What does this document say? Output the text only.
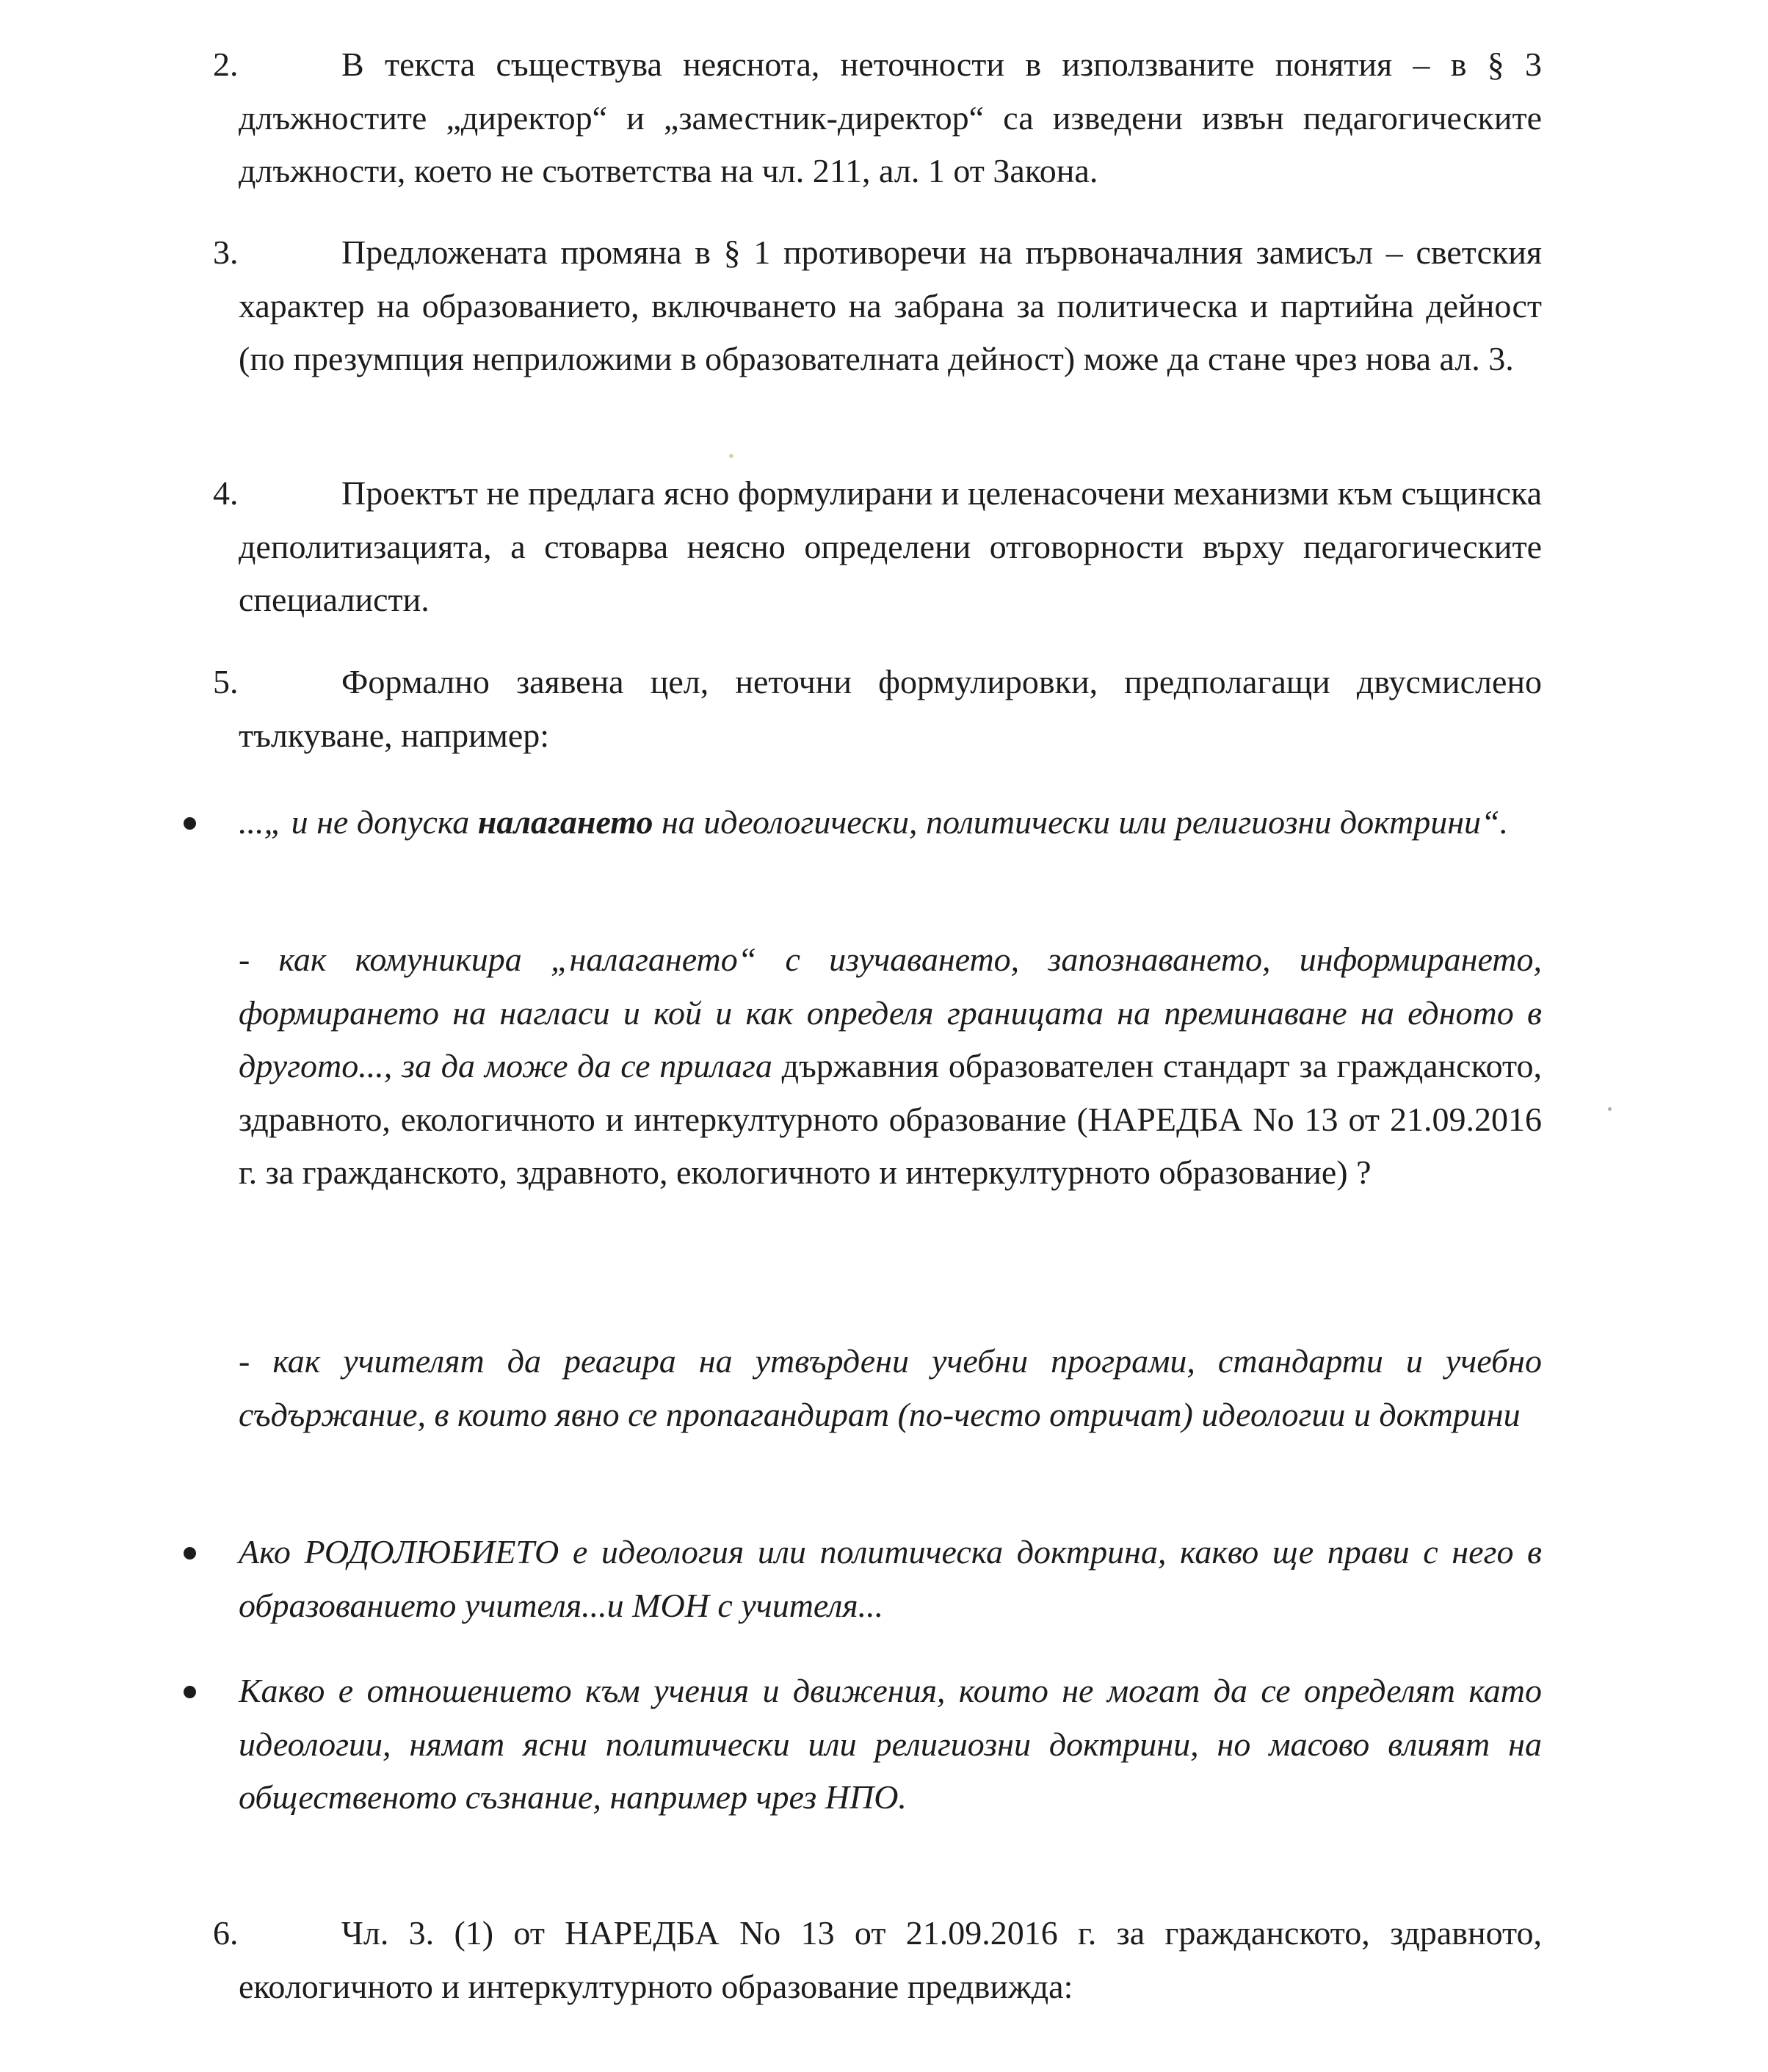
2.	В текста съществува неяснота, неточности в използваните понятия – в § 3 длъжностите „директор“ и „заместник-директор“ са изведени извън педагогическите длъжности, което не съответства на чл. 211, ал. 1 от Закона.
3.	Предложената промяна в § 1 противоречи на първоначалния замисъл – светския характер на образованието, включването на забрана за политическа и партийна дейност (по презумпция неприложими в образователната дейност) може да стане чрез нова ал. 3.
4.	Проектът не предлага ясно формулирани и целенасочени механизми към същинска деполитизацията, а стоварва неясно определени отговорности върху педагогическите специалисти.
5.	Формално заявена цел, неточни формулировки, предполагащи двусмислено тълкуване, например:
...„ и не допуска налагането на идеологически, политически или религиозни доктрини“.
- как комуникира „налагането“ с изучаването, запознаването, информирането, формирането на нагласи и кой и как определя границата на преминаване на едното в другото..., за да може да се прилага държавния образователен стандарт за гражданското, здравното, екологичното и интеркултурното образование (НАРЕДБА No 13 от 21.09.2016 г. за гражданското, здравното, екологичното и интеркултурното образование) ?
- как учителят да реагира на утвърдени учебни програми, стандарти и учебно съдържание, в които явно се пропагандират (по-често отричат) идеологии и доктрини
Ако РОДОЛЮБИЕТО е идеология или политическа доктрина, какво ще прави с него в образованието учителя...и МОН с учителя...
Какво е отношението към учения и движения, които не могат да се определят като идеологии, нямат ясни политически или религиозни доктрини, но масово влияят на общественото съзнание, например чрез НПО.
6.	Чл. 3. (1) от НАРЕДБА No 13 от 21.09.2016 г. за гражданското, здравното, екологичното и интеркултурното образование предвижда:
